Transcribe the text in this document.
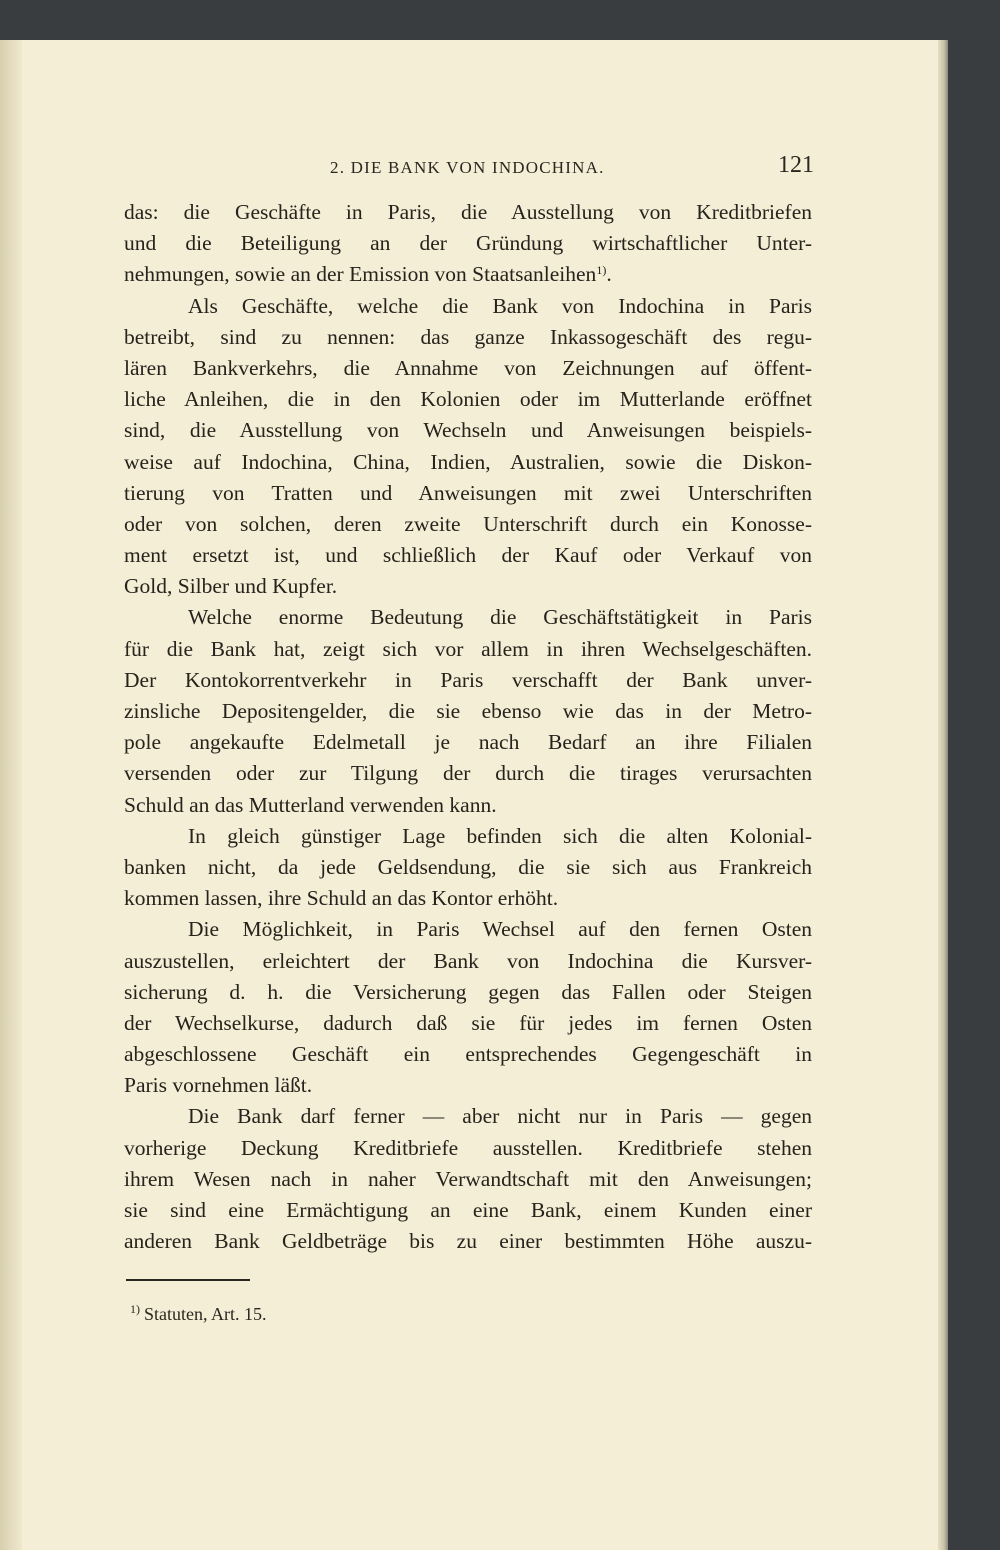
2. DIE BANK VON INDOCHINA.	121
das: die Geschäfte in Paris, die Ausstellung von Kreditbriefen
und die Beteiligung an der Gründung wirtschaftlicher Unter-
nehmungen, sowie an der Emission von Staatsanleihen$^{1)}$.
Als Geschäfte, welche die Bank von Indochina in Paris
betreibt, sind zu nennen: das ganze Inkassogeschäft des regu-
lären Bankverkehrs, die Annahme von Zeichnungen auf öffent-
liche Anleihen, die in den Kolonien oder im Mutterlande eröffnet
sind, die Ausstellung von Wechseln und Anweisungen beispiels-
weise auf Indochina, China, Indien, Australien, sowie die Diskon-
tierung von Tratten und Anweisungen mit zwei Unterschriften
oder von solchen, deren zweite Unterschrift durch ein Konosse-
ment ersetzt ist, und schließlich der Kauf oder Verkauf von
Gold, Silber und Kupfer.
Welche enorme Bedeutung die Geschäftstätigkeit in Paris
für die Bank hat, zeigt sich vor allem in ihren Wechselgeschäften.
Der Kontokorrentverkehr in Paris verschafft der Bank unver-
zinsliche Depositengelder, die sie ebenso wie das in der Metro-
pole angekaufte Edelmetall je nach Bedarf an ihre Filialen
versenden oder zur Tilgung der durch die tirages verursachten
Schuld an das Mutterland verwenden kann.
In gleich günstiger Lage befinden sich die alten Kolonial-
banken nicht, da jede Geldsendung, die sie sich aus Frankreich
kommen lassen, ihre Schuld an das Kontor erhöht.
Die Möglichkeit, in Paris Wechsel auf den fernen Osten
auszustellen, erleichtert der Bank von Indochina die Kursver-
sicherung d. h. die Versicherung gegen das Fallen oder Steigen
der Wechselkurse, dadurch daß sie für jedes im fernen Osten
abgeschlossene Geschäft ein entsprechendes Gegengeschäft in
Paris vornehmen läßt.
Die Bank darf ferner — aber nicht nur in Paris — gegen
vorherige Deckung Kreditbriefe ausstellen. Kreditbriefe stehen
ihrem Wesen nach in naher Verwandtschaft mit den Anweisungen;
sie sind eine Ermächtigung an eine Bank, einem Kunden einer
anderen Bank Geldbeträge bis zu einer bestimmten Höhe auszu-
$^{1)}$ Statuten, Art. 15.
